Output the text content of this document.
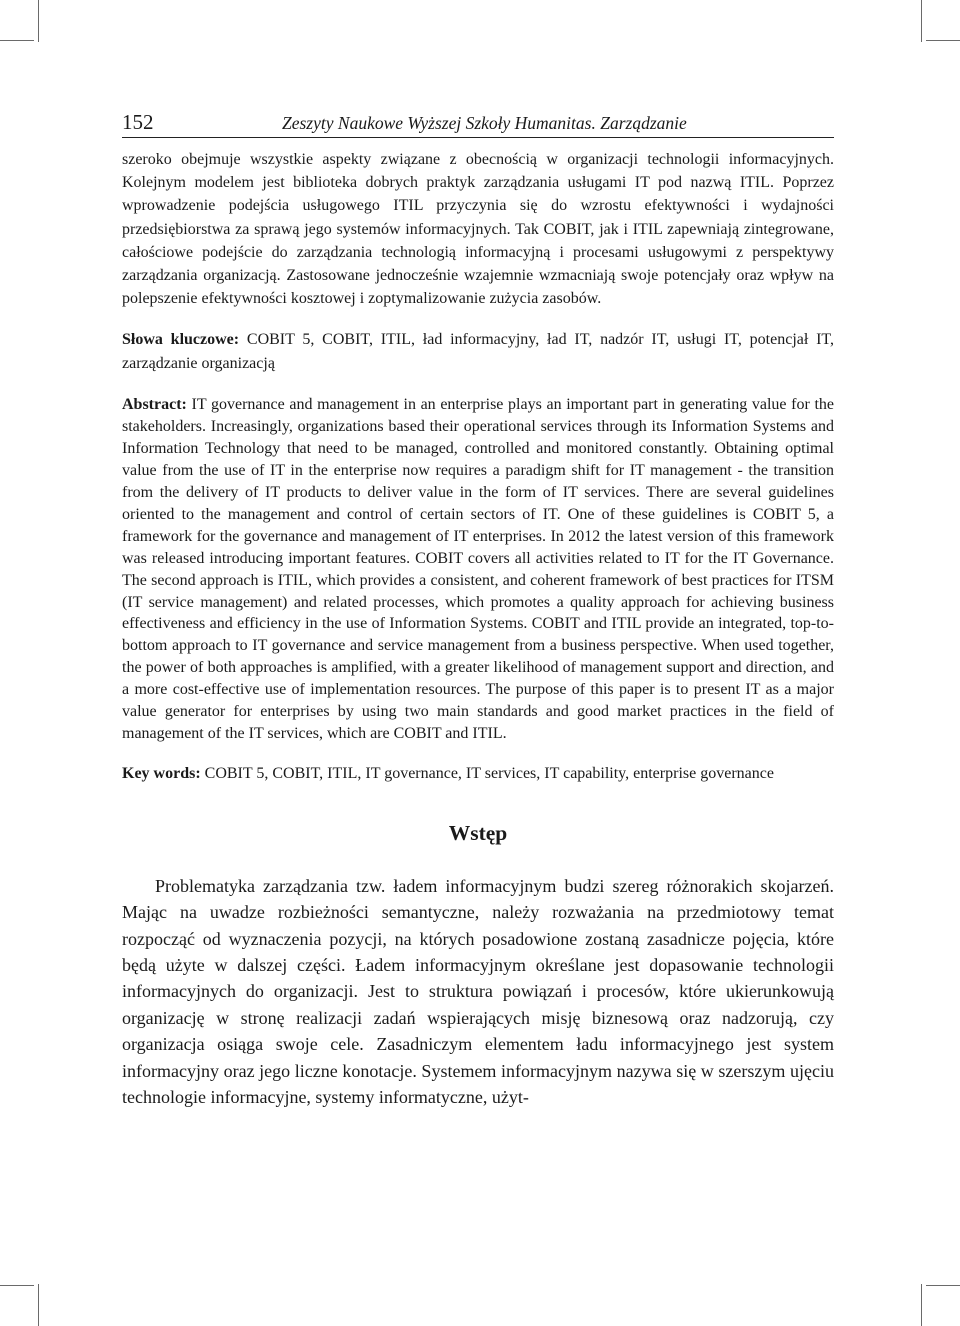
152	Zeszyty Naukowe Wyższej Szkoły Humanitas. Zarządzanie

szeroko obejmuje wszystkie aspekty związane z obecnością w organizacji technologii informacyjnych. Kolejnym modelem jest biblioteka dobrych praktyk zarządzania usługami IT pod nazwą ITIL. Poprzez wprowadzenie podejścia usługowego ITIL przyczynia się do wzrostu efektywności i wydajności przedsiębiorstwa za sprawą jego systemów informacyjnych. Tak COBIT, jak i ITIL zapewniają zintegrowane, całościowe podejście do zarządzania technologią informacyjną i procesami usługowymi z perspektywy zarządzania organizacją. Zastosowane jednocześnie wzajemnie wzmacniają swoje potencjały oraz wpływ na polepszenie efektywności kosztowej i zoptymalizowanie zużycia zasobów.

Słowa kluczowe: COBIT 5, COBIT, ITIL, ład informacyjny, ład IT, nadzór IT, usługi IT, potencjał IT, zarządzanie organizacją

Abstract: IT governance and management in an enterprise plays an important part in generating value for the stakeholders. Increasingly, organizations based their operational services through its Information Systems and Information Technology that need to be managed, controlled and monitored constantly. Obtaining optimal value from the use of IT in the enterprise now requires a paradigm shift for IT management - the transition from the delivery of IT products to deliver value in the form of IT services. There are several guidelines oriented to the management and control of certain sectors of IT. One of these guidelines is COBIT 5, a framework for the governance and management of IT enterprises. In 2012 the latest version of this framework was released introducing important features. COBIT covers all activities related to IT for the IT Governance. The second approach is ITIL, which provides a consistent, and coherent framework of best practices for ITSM (IT service management) and related processes, which promotes a quality approach for achieving business effectiveness and efficiency in the use of Information Systems. COBIT and ITIL provide an integrated, top-to-bottom approach to IT governance and service management from a business perspective. When used together, the power of both approaches is amplified, with a greater likelihood of management support and direction, and a more cost-effective use of implementation resources. The purpose of this paper is to present IT as a major value generator for enterprises by using two main standards and good market practices in the field of management of the IT services, which are COBIT and ITIL.

Key words: COBIT 5, COBIT, ITIL, IT governance, IT services, IT capability, enterprise governance

Wstęp

Problematyka zarządzania tzw. ładem informacyjnym budzi szereg różnorakich skojarzeń. Mając na uwadze rozbieżności semantyczne, należy rozważania na przedmiotowy temat rozpocząć od wyznaczenia pozycji, na których posadowione zostaną zasadnicze pojęcia, które będą użyte w dalszej części. Ładem informacyjnym określane jest dopasowanie technologii informacyjnych do organizacji. Jest to struktura powiązań i procesów, które ukierunkowują organizację w stronę realizacji zadań wspierających misję biznesową oraz nadzorują, czy organizacja osiąga swoje cele. Zasadniczym elementem ładu informacyjnego jest system informacyjny oraz jego liczne konotacje. Systemem informacyjnym nazywa się w szerszym ujęciu technologie informacyjne, systemy informatyczne, użyt-
